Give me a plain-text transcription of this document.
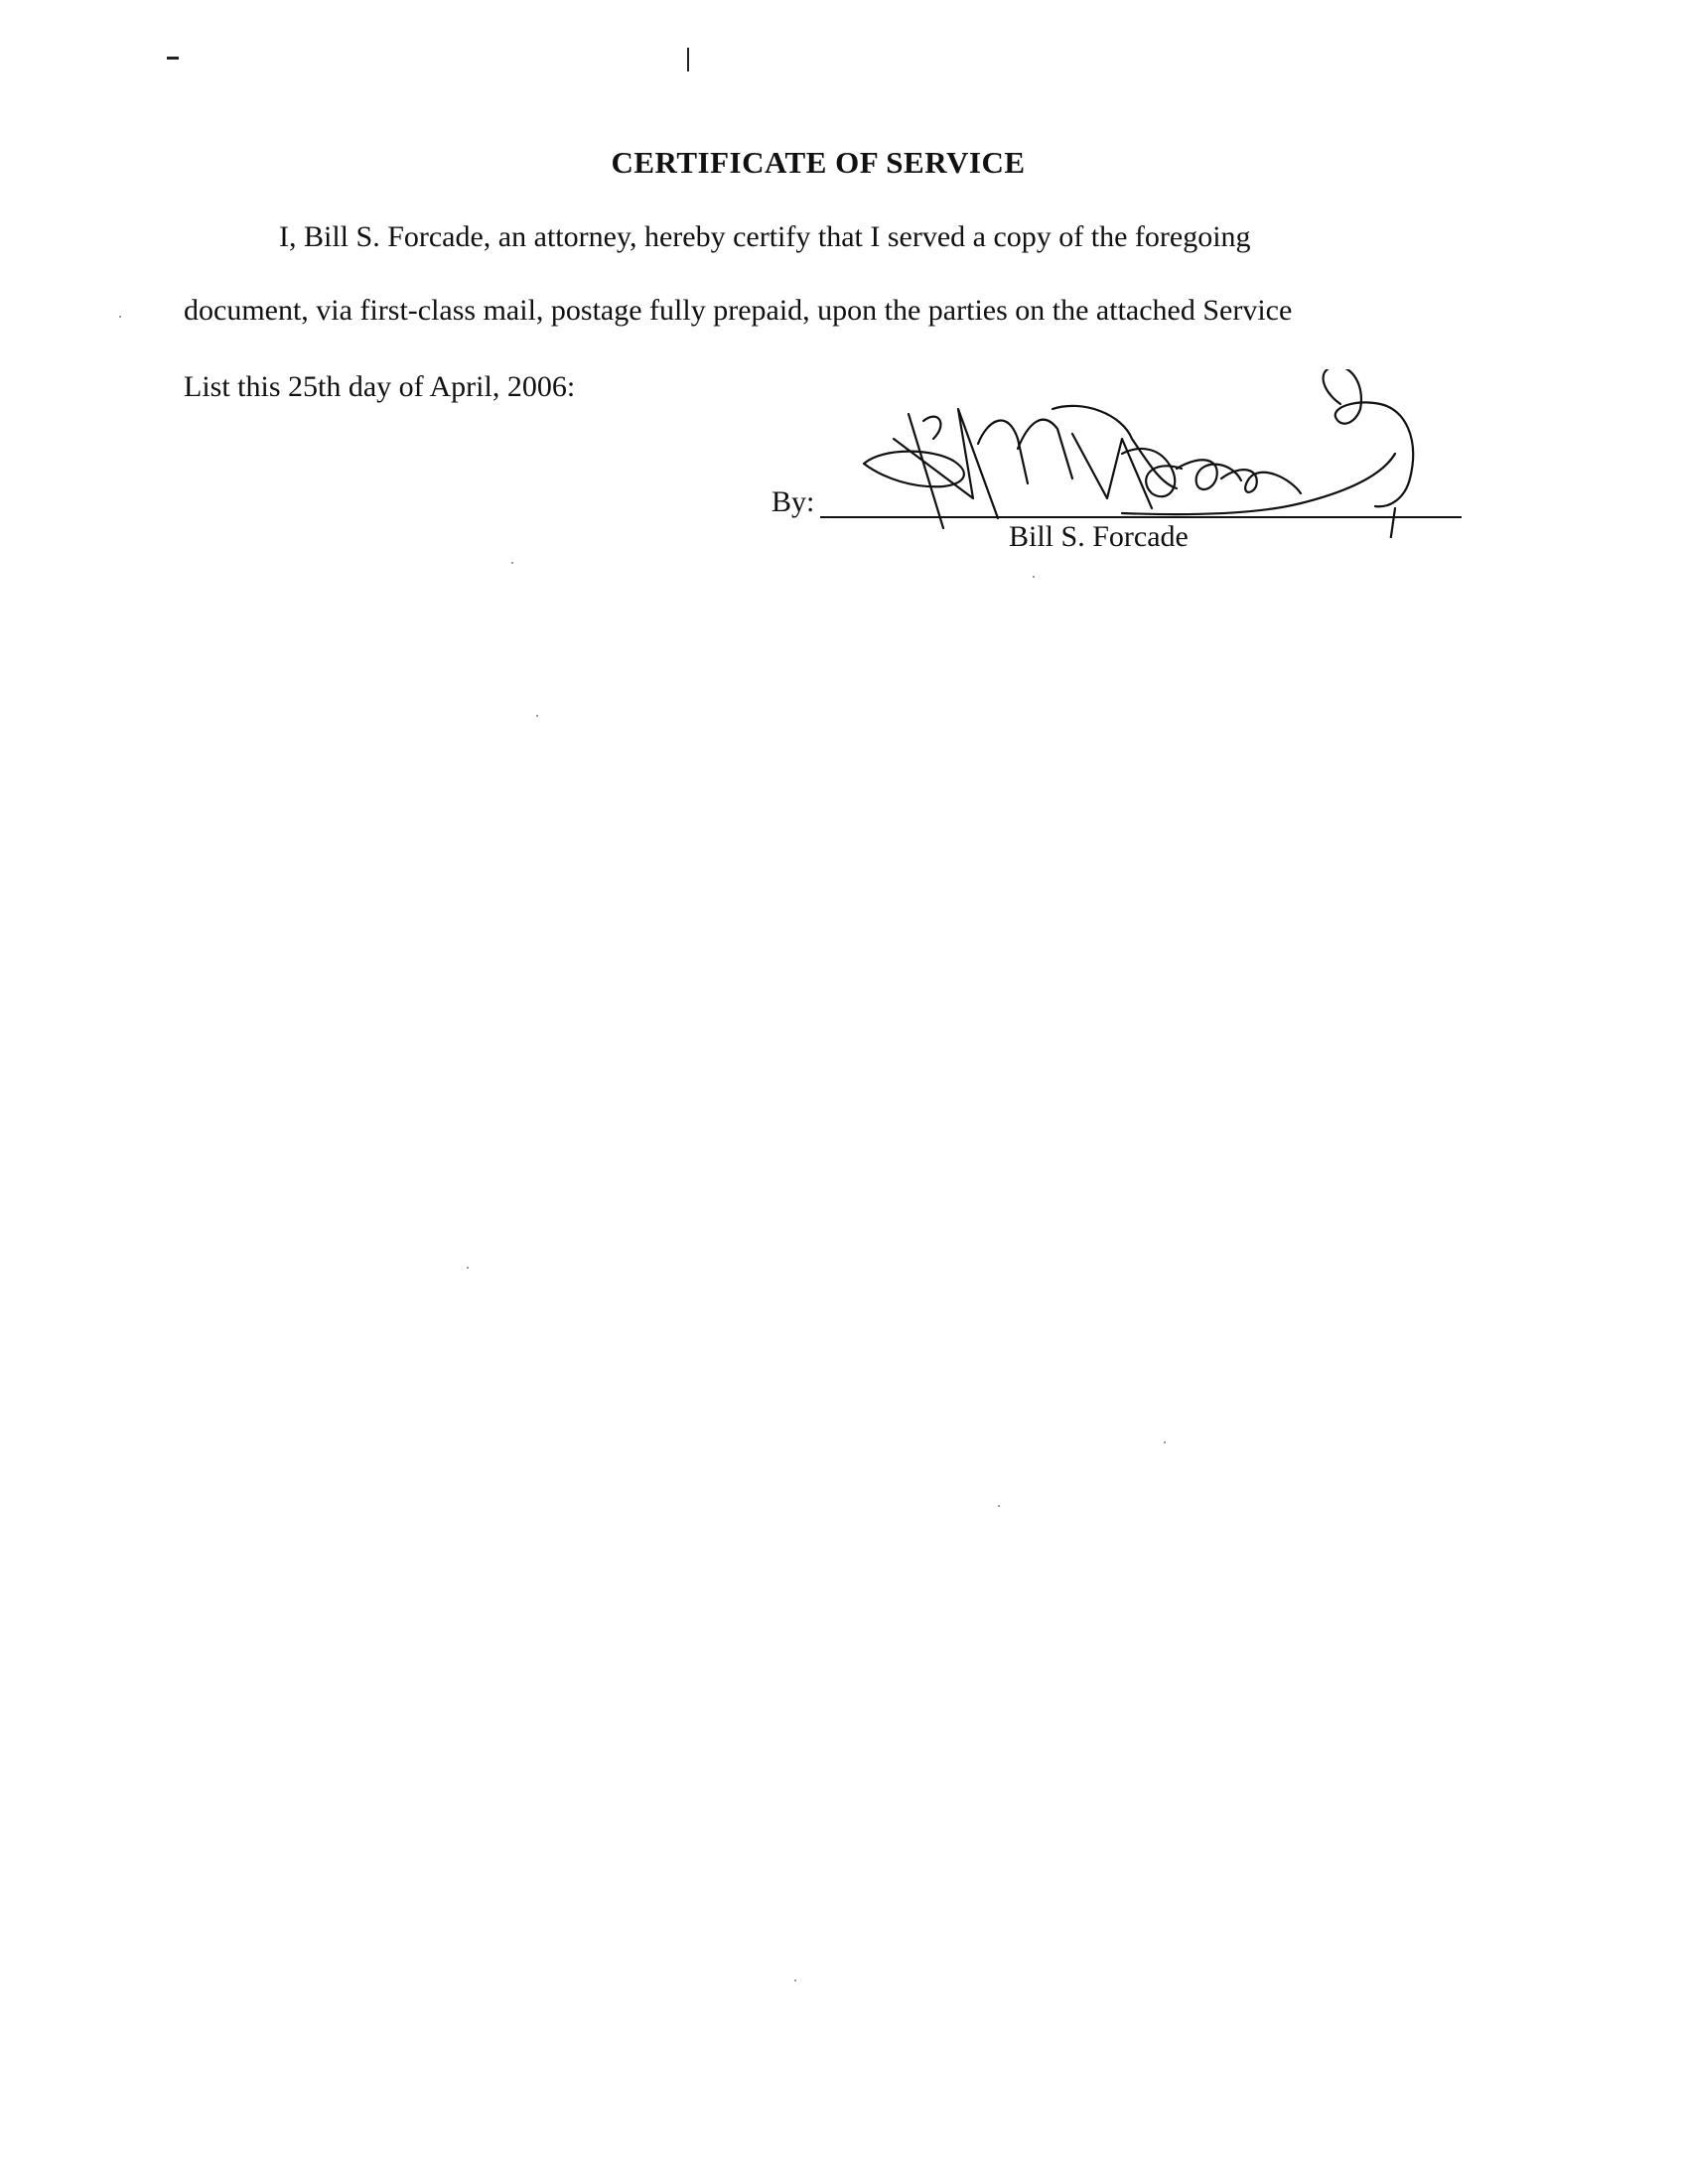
CERTIFICATE OF SERVICE
I, Bill S. Forcade, an attorney, hereby certify that I served a copy of the foregoing
document, via first-class mail, postage fully prepaid, upon the parties on the attached Service
List this 25th day of April, 2006:
By:
Bill S. Forcade
